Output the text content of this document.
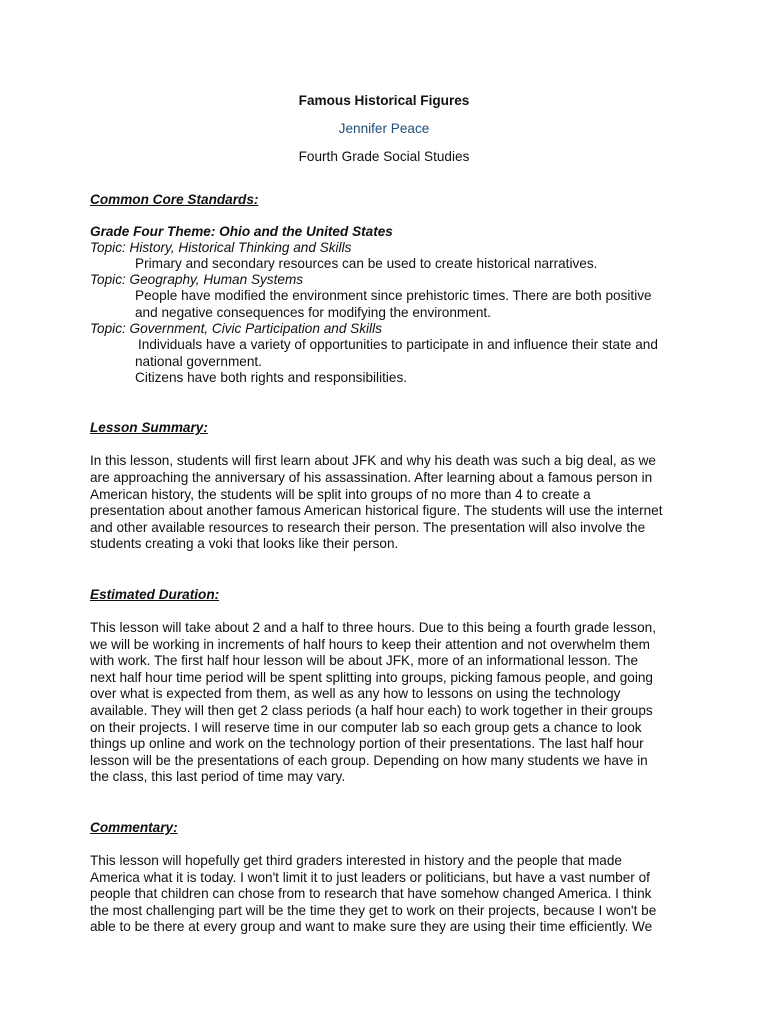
Famous Historical Figures
Jennifer Peace
Fourth Grade Social Studies
Common Core Standards:
Grade Four Theme: Ohio and the United States
Topic: History, Historical Thinking and Skills
Primary and secondary resources can be used to create historical narratives.
Topic: Geography, Human Systems
People have modified the environment since prehistoric times. There are both positive
and negative consequences for modifying the environment.
Topic: Government, Civic Participation and Skills
Individuals have a variety of opportunities to participate in and influence their state and
national government.
Citizens have both rights and responsibilities.
Lesson Summary:
In this lesson, students will first learn about JFK and why his death was such a big deal, as we
are approaching the anniversary of his assassination. After learning about a famous person in
American history, the students will be split into groups of no more than 4 to create a
presentation about another famous American historical figure. The students will use the internet
and other available resources to research their person. The presentation will also involve the
students creating a voki that looks like their person.
Estimated Duration:
This lesson will take about 2 and a half to three hours. Due to this being a fourth grade lesson,
we will be working in increments of half hours to keep their attention and not overwhelm them
with work. The first half hour lesson will be about JFK, more of an informational lesson. The
next half hour time period will be spent splitting into groups, picking famous people, and going
over what is expected from them, as well as any how to lessons on using the technology
available. They will then get 2 class periods (a half hour each) to work together in their groups
on their projects. I will reserve time in our computer lab so each group gets a chance to look
things up online and work on the technology portion of their presentations. The last half hour
lesson will be the presentations of each group. Depending on how many students we have in
the class, this last period of time may vary.
Commentary:
This lesson will hopefully get third graders interested in history and the people that made
America what it is today. I won't limit it to just leaders or politicians, but have a vast number of
people that children can chose from to research that have somehow changed America. I think
the most challenging part will be the time they get to work on their projects, because I won't be
able to be there at every group and want to make sure they are using their time efficiently. We
